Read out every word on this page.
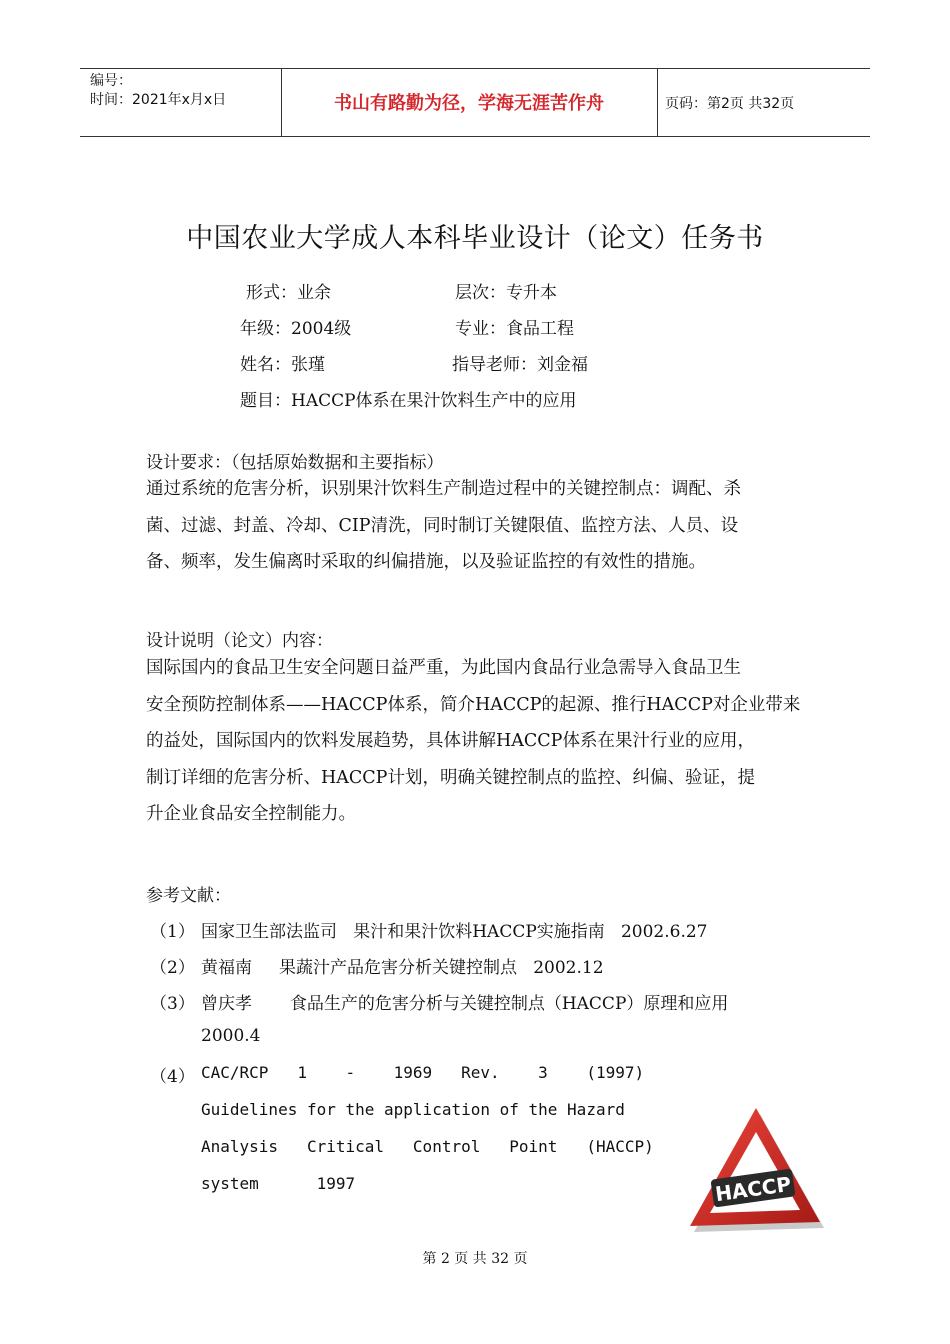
编号：
时间：2021年x月x日	书山有路勤为径，学海无涯苦作舟	页码：第2页 共32页
中国农业大学成人本科毕业设计（论文）任务书
形式：业余	层次：专升本
年级：2004级	专业：食品工程
姓名：张瑾	指导老师：刘金福
题目：HACCP体系在果汁饮料生产中的应用
设计要求：（包括原始数据和主要指标）
通过系统的危害分析，识别果汁饮料生产制造过程中的关键控制点：调配、杀
菌、过滤、封盖、冷却、CIP清洗，同时制订关键限值、监控方法、人员、设
备、频率，发生偏离时采取的纠偏措施，以及验证监控的有效性的措施。
设计说明（论文）内容：
国际国内的食品卫生安全问题日益严重，为此国内食品行业急需导入食品卫生
安全预防控制体系——HACCP体系，简介HACCP的起源、推行HACCP对企业带来
的益处，国际国内的饮料发展趋势，具体讲解HACCP体系在果汁行业的应用，
制订详细的危害分析、HACCP计划，明确关键控制点的监控、纠偏、验证，提
升企业食品安全控制能力。
参考文献：
（1） 国家卫生部法监司   果汁和果汁饮料HACCP实施指南   2002.6.27
（2） 黄福南     果蔬汁产品危害分析关键控制点   2002.12
（3） 曾庆孝       食品生产的危害分析与关键控制点（HACCP）原理和应用
2000.4
（4） CAC/RCP   1    -    1969   Rev.    3    (1997)
Guidelines for the application of the Hazard
Analysis   Critical   Control   Point   (HACCP)
system      1997	HACCP
第 2 页 共 32 页
